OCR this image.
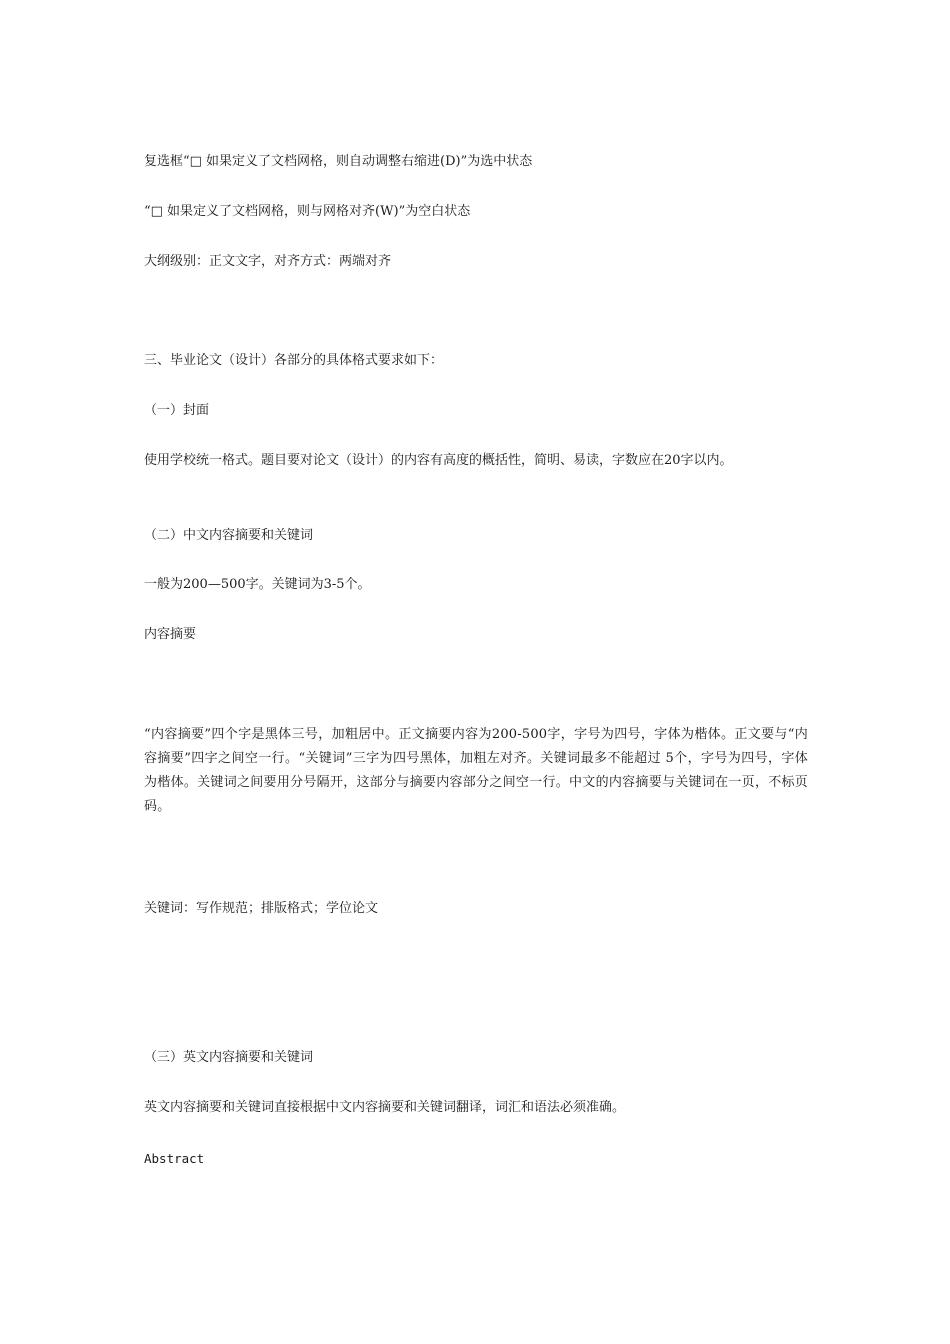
复选框“□ 如果定义了文档网格，则自动调整右缩进(D)”为选中状态

“□ 如果定义了文档网格，则与网格对齐(W)”为空白状态

大纲级别：正文文字，对齐方式：两端对齐

三、毕业论文（设计）各部分的具体格式要求如下：

（一）封面

使用学校统一格式。题目要对论文（设计）的内容有高度的概括性，简明、易读，字数应在20字以内。

（二）中文内容摘要和关键词

一般为200—500字。关键词为3-5个。

内容摘要

“内容摘要”四个字是黑体三号，加粗居中。正文摘要内容为200-500字，字号为四号，字体为楷体。正文要与“内容摘要”四字之间空一行。“关键词”三字为四号黑体，加粗左对齐。关键词最多不能超过 5个，字号为四号，字体为楷体。关键词之间要用分号隔开，这部分与摘要内容部分之间空一行。中文的内容摘要与关键词在一页，不标页码。

关键词：写作规范；排版格式；学位论文

（三）英文内容摘要和关键词

英文内容摘要和关键词直接根据中文内容摘要和关键词翻译，词汇和语法必须准确。

Abstract
